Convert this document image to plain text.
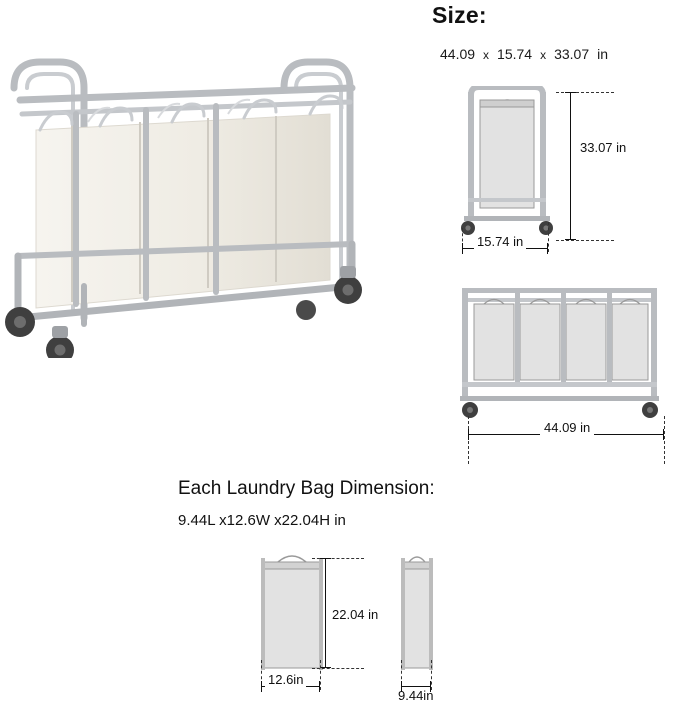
Size:
44.09 x 15.74 x 33.07 in
33.07 in
15.74 in
44.09 in
Each Laundry Bag Dimension:
9.44L x12.6W x22.04H in
22.04 in
12.6in
9.44in
